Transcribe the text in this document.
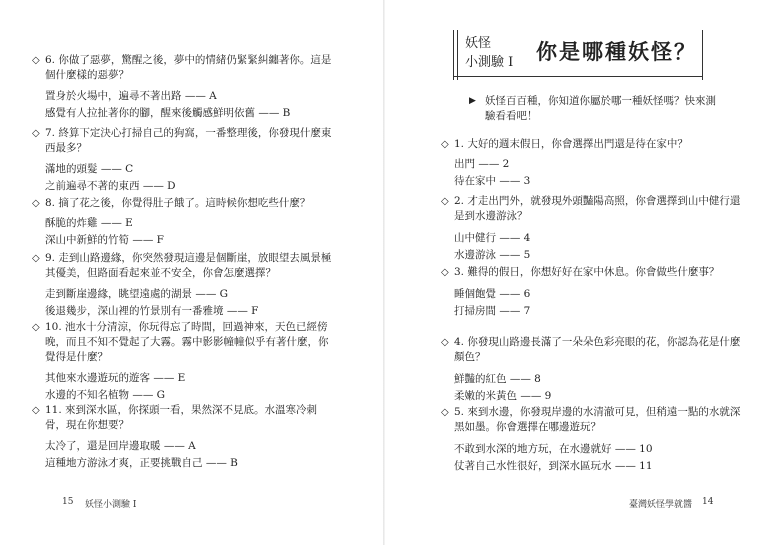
◇ 6. 你做了惡夢，驚醒之後，夢中的情緒仍緊緊糾纏著你。這是個什麼樣的惡夢？
置身於火場中，遍尋不著出路 —— A
感覺有人拉扯著你的腳，醒來後觸感鮮明依舊 —— B
◇ 7. 終算下定決心打掃自己的狗窩，一番整理後，你發現什麼東西最多？
滿地的頭髮 —— C
之前遍尋不著的東西 —— D
◇ 8. 摘了花之後，你覺得肚子餓了。這時候你想吃些什麼？
酥脆的炸雞 —— E
深山中新鮮的竹筍 —— F
◇ 9. 走到山路邊緣，你突然發現這邊是個斷崖，放眼望去風景極其優美，但路面看起來並不安全，你會怎麼選擇？
走到斷崖邊緣，眺望遠處的湖景 —— G
後退幾步，深山裡的竹景別有一番雅境 —— F
◇ 10. 池水十分清涼，你玩得忘了時間，回過神來，天色已經傍晚，而且不知不覺起了大霧。霧中影影幢幢似乎有著什麼，你覺得是什麼？
其他來水邊遊玩的遊客 —— E
水邊的不知名植物 —— G
◇ 11. 來到深水區，你探頭一看，果然深不見底。水溫寒冷刺骨，現在你想要？
太冷了，還是回岸邊取暖 —— A
這種地方游泳才爽，正要挑戰自己 —— B
15 妖怪小測驗 I
妖怪
小測驗 I 你是哪種妖怪？
▶ 妖怪百百種，你知道你屬於哪一種妖怪嗎？快來測驗看看吧！
◇ 1. 大好的週末假日，你會選擇出門還是待在家中？
出門 —— 2
待在家中 —— 3
◇ 2. 才走出門外，就發現外頭豔陽高照，你會選擇到山中健行還是到水邊游泳？
山中健行 —— 4
水邊游泳 —— 5
◇ 3. 難得的假日，你想好好在家中休息。你會做些什麼事？
睡個飽覺 —— 6
打掃房間 —— 7
◇ 4. 你發現山路邊長滿了一朵朵色彩亮眼的花，你認為花是什麼顏色？
鮮豔的紅色 —— 8
柔嫩的米黃色 —— 9
◇ 5. 來到水邊，你發現岸邊的水清澈可見，但稍遠一點的水就深黑如墨。你會選擇在哪邊遊玩？
不敢到水深的地方玩，在水邊就好 —— 10
仗著自己水性很好，到深水區玩水 —— 11
臺灣妖怪學就醬 14
